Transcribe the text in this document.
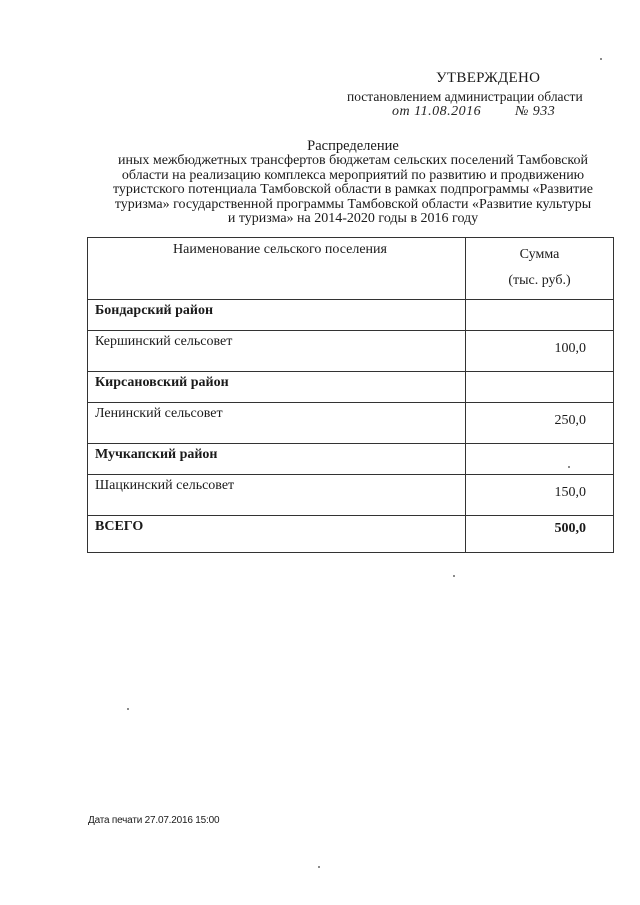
УТВЕРЖДЕНО
постановлением администрации области
от 11.08.2016 № 933
Распределение
иных межбюджетных трансфертов бюджетам сельских поселений Тамбовской
области на реализацию комплекса мероприятий по развитию и продвижению
туристского потенциала Тамбовской области в рамках подпрограммы «Развитие
туризма» государственной программы Тамбовской области «Развитие культуры
и туризма» на 2014-2020 годы в 2016 году
Наименование сельского поселения	Сумма
(тыс. руб.)

Бондарский район	
Кершинский сельсовет	100,0
Кирсановский район	
Ленинский сельсовет	250,0
Мучкапский район	
Шацкинский сельсовет	150,0
ВСЕГО	500,0
Дата печати 27.07.2016 15:00
